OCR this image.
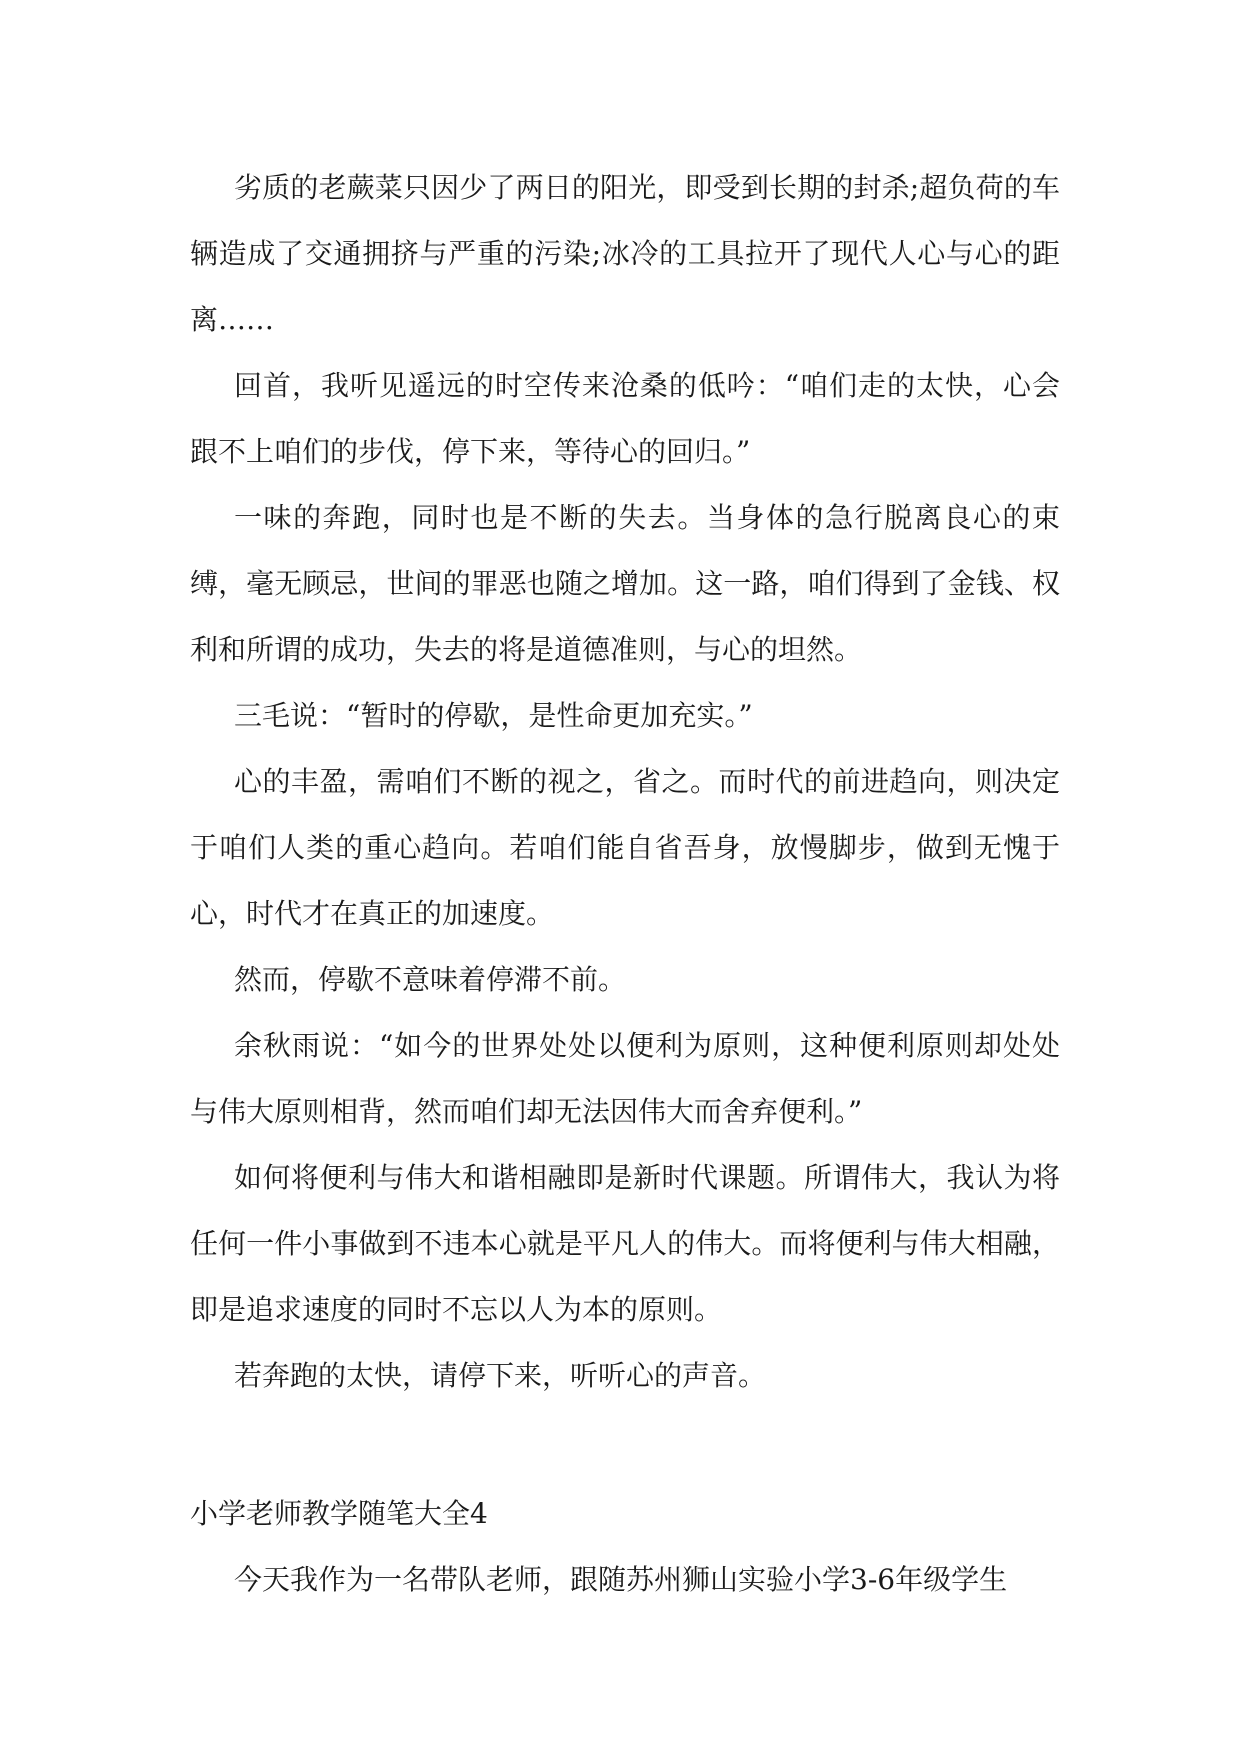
劣质的老蕨菜只因少了两日的阳光，即受到长期的封杀;超负荷的车辆造成了交通拥挤与严重的污染;冰冷的工具拉开了现代人心与心的距离……

回首，我听见遥远的时空传来沧桑的低吟：“咱们走的太快，心会跟不上咱们的步伐，停下来，等待心的回归。”

一味的奔跑，同时也是不断的失去。当身体的急行脱离良心的束缚，毫无顾忌，世间的罪恶也随之增加。这一路，咱们得到了金钱、权利和所谓的成功，失去的将是道德准则，与心的坦然。

三毛说：“暂时的停歇，是性命更加充实。”

心的丰盈，需咱们不断的视之，省之。而时代的前进趋向，则决定于咱们人类的重心趋向。若咱们能自省吾身，放慢脚步，做到无愧于心，时代才在真正的加速度。

然而，停歇不意味着停滞不前。

余秋雨说：“如今的世界处处以便利为原则，这种便利原则却处处与伟大原则相背，然而咱们却无法因伟大而舍弃便利。”

如何将便利与伟大和谐相融即是新时代课题。所谓伟大，我认为将任何一件小事做到不违本心就是平凡人的伟大。而将便利与伟大相融，即是追求速度的同时不忘以人为本的原则。

若奔跑的太快，请停下来，听听心的声音。

小学老师教学随笔大全4

今天我作为一名带队老师，跟随苏州狮山实验小学3-6年级学生
